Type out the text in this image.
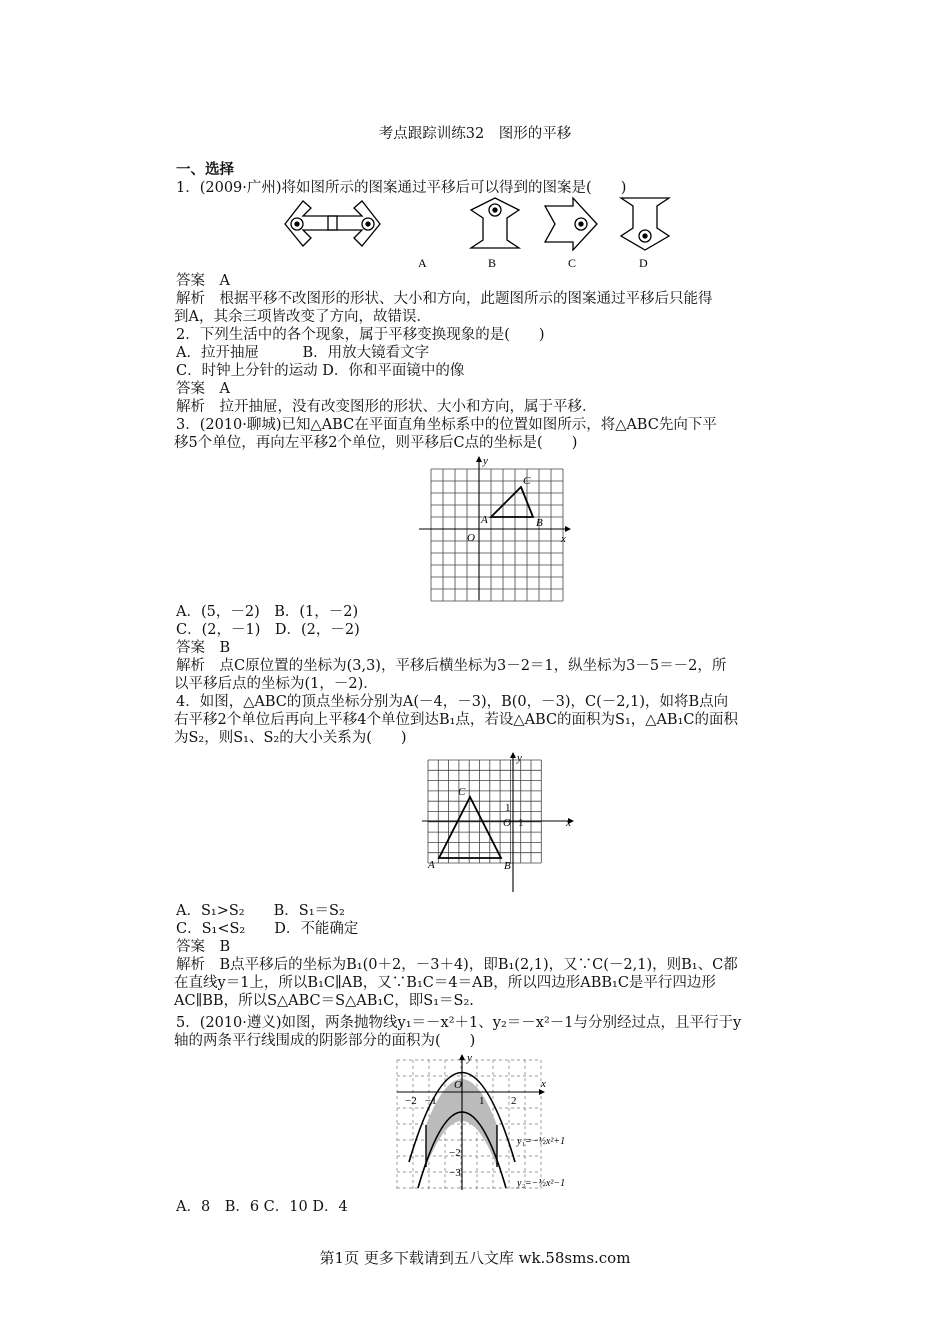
考点跟踪训练32　图形的平移
一、选择
1．(2009·广州)将如图所示的图案通过平移后可以得到的图案是(　　)
A	B	C	D
答案　A
解析　根据平移不改图形的形状、大小和方向，此题图所示的图案通过平移后只能得
到A，其余三项皆改变了方向，故错误．
2．下列生活中的各个现象，属于平移变换现象的是(　　)
A．拉开抽屉　　　B．用放大镜看文字
C．时钟上分针的运动 D．你和平面镜中的像
答案　A
解析　拉开抽屉，没有改变图形的形状、大小和方向，属于平移．
3．(2010·聊城)已知△ABC在平面直角坐标系中的位置如图所示，将△ABC先向下平
移5个单位，再向左平移2个单位，则平移后C点的坐标是(　　)
A	B
C
O	x
y
A．(5，－2)　B．(1，－2)
C．(2，－1)　D．(2，－2)
答案　B
解析　点C原位置的坐标为(3,3)，平移后横坐标为3－2＝1，纵坐标为3－5＝－2，所
以平移后点的坐标为(1，－2)．
4．如图，△ABC的顶点坐标分别为A(－4，－3)，B(0，－3)，C(－2,1)，如将B点向
右平移2个单位后再向上平移4个单位到达B₁点，若设△ABC的面积为S₁，△AB₁C的面积
为S₂，则S₁、S₂的大小关系为(　　)
A	B
C
O	x
y
1
1
A．S₁>S₂　　B．S₁＝S₂
C．S₁<S₂　　D．不能确定
答案　B
解析　B点平移后的坐标为B₁(0＋2，－3＋4)，即B₁(2,1)，又∵C(－2,1)，则B₁、C都
在直线y＝1上，所以B₁C∥AB，又∵B₁C＝4＝AB，所以四边形ABB₁C是平行四边形
AC∥BB，所以S△ABC＝S△AB₁C，即S₁＝S₂.
5．(2010·遵义)如图，两条抛物线y₁＝－x²＋1、y₂＝－x²－1与分别经过点，且平行于y
轴的两条平行线围成的阴影部分的面积为(　　)
x
y
O
−2 −1	1 2
−2
−3
y₁=−½x²+1
y₂=−½x²−1
A．8　B．6 C．10 D．4
第1页 更多下载请到五八文库 wk.58sms.com
